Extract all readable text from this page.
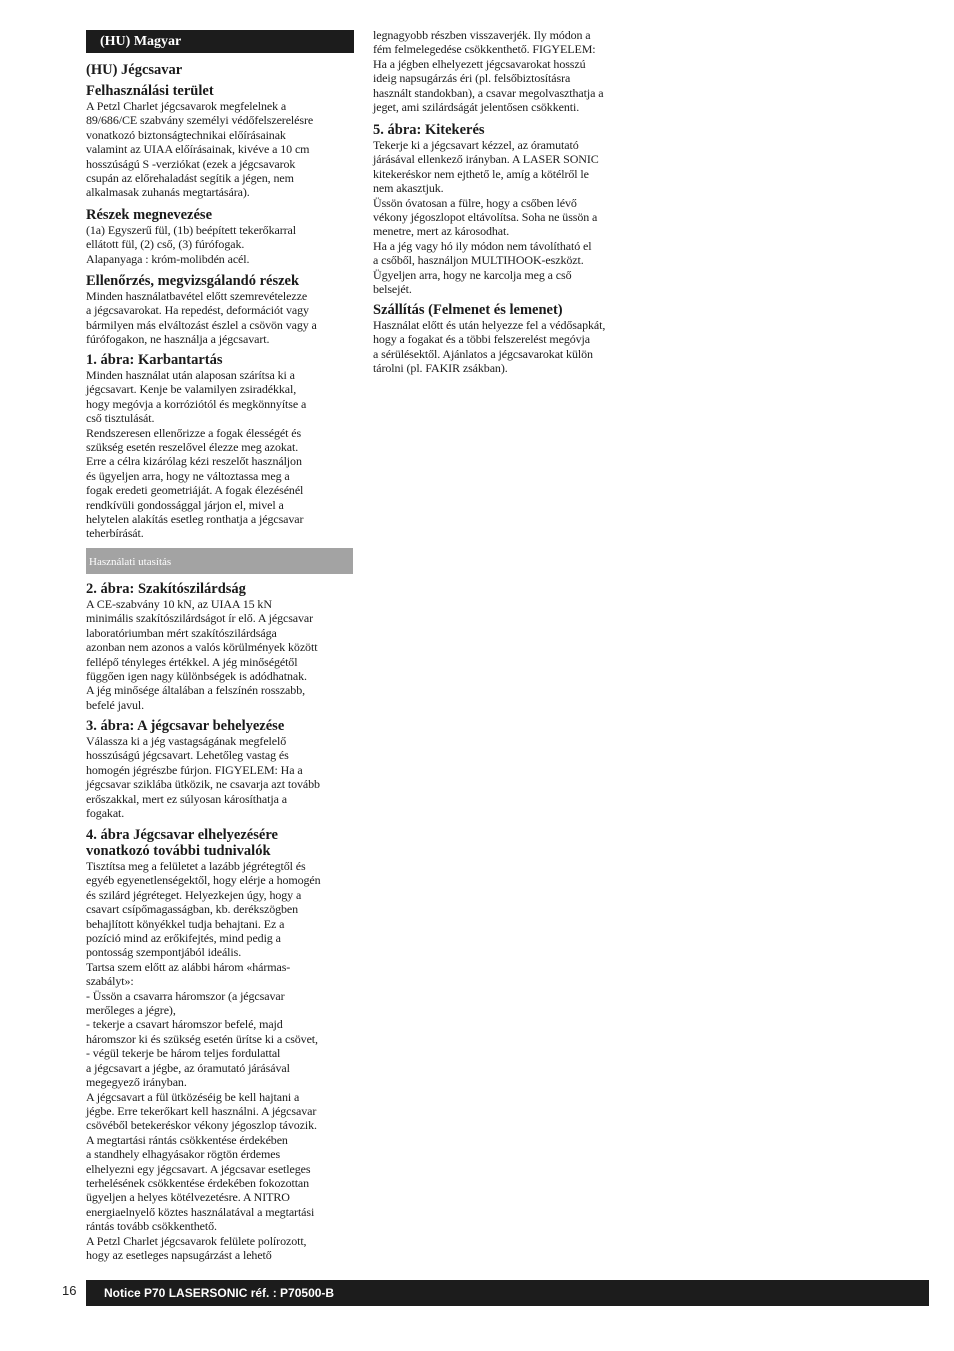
(HU) Magyar

(HU) Jégcsavar

Felhasználási terület

A Petzl Charlet jégcsavarok megfelelnek a
89/686/CE szabvány személyi védőfelszerelésre
vonatkozó biztonságtechnikai előírásainak
valamint az UIAA előírásainak, kivéve a 10 cm
hosszúságú S -verziókat (ezek a jégcsavarok
csupán az előrehaladást segítik a jégen, nem
alkalmasak zuhanás megtartására).

Részek megnevezése

(1a) Egyszerű fül, (1b) beépített tekerőkarral
ellátott fül, (2) cső, (3) fúrófogak.
Alapanyaga : króm-molibdén acél.

Ellenőrzés, megvizsgálandó részek

Minden használatbavétel előtt szemrevételezze
a jégcsavarokat. Ha repedést, deformációt vagy
bármilyen más elváltozást észlel a csövön vagy a
fúrófogakon, ne használja a jégcsavart.

1. ábra: Karbantartás

Minden használat után alaposan szárítsa ki a
jégcsavart. Kenje be valamilyen zsiradékkal,
hogy megóvja a korróziótól és megkönnyítse a
cső tisztulását.
Rendszeresen ellenőrizze a fogak élességét és
szükség esetén reszelővel élezze meg azokat.
Erre a célra kizárólag kézi reszelőt használjon
és ügyeljen arra, hogy ne változtassa meg a
fogak eredeti geometriáját. A fogak élezésénél
rendkívüli gondossággal járjon el, mivel a
helytelen alakítás esetleg ronthatja a jégcsavar
teherbírását.

Használati utasítás

2. ábra: Szakítószilárdság

A CE-szabvány 10 kN, az UIAA 15 kN
minimális szakítószilárdságot ír elő. A jégcsavar
laboratóriumban mért szakítószilárdsága
azonban nem azonos a valós körülmények között
fellépő tényleges értékkel. A jég minőségétől
függően igen nagy különbségek is adódhatnak.
A jég minősége általában a felszínén rosszabb,
befelé javul.

3. ábra: A jégcsavar behelyezése

Válassza ki a jég vastagságának megfelelő
hosszúságú jégcsavart. Lehetőleg vastag és
homogén jégrészbe fúrjon. FIGYELEM: Ha a
jégcsavar sziklába ütközik, ne csavarja azt tovább
erőszakkal, mert ez súlyosan károsíthatja a
fogakat.

4. ábra Jégcsavar elhelyezésére
vonatkozó további tudnivalók

Tisztítsa meg a felületet a lazább jégrétegtől és
egyéb egyenetlenségektől, hogy elérje a homogén
és szilárd jégréteget. Helyezkejen úgy, hogy a
csavart csípőmagasságban, kb. derékszögben
behajlított könyékkel tudja behajtani. Ez a
pozíció mind az erőkifejtés, mind pedig a
pontosság szempontjából ideális.
Tartsa szem előtt az alábbi három «hármas-
szabályt»:
- Üssön a csavarra háromszor (a jégcsavar
merőleges a jégre),
- tekerje a csavart háromszor befelé, majd
háromszor ki és szükség esetén ürítse ki a csövet,
- végül tekerje be három teljes fordulattal
a jégcsavart a jégbe, az óramutató járásával
megegyező irányban.
A jégcsavart a fül ütközéséig be kell hajtani a
jégbe. Erre tekerőkart kell használni. A jégcsavar
csövéből betekeréskor vékony jégoszlop távozik.
A megtartási rántás csökkentése érdekében
a standhely elhagyásakor rögtön érdemes
elhelyezni egy jégcsavart. A jégcsavar esetleges
terhelésének csökkentése érdekében fokozottan
ügyeljen a helyes kötélvezetésre. A NITRO
energiaelnyelő köztes használatával a megtartási
rántás tovább csökkenthető.
A Petzl Charlet jégcsavarok felülete polírozott,
hogy az esetleges napsugárzást a lehető

legnagyobb részben visszaverjék. Ily módon a
fém felmelegedése csökkenthető. FIGYELEM:
Ha a jégben elhelyezett jégcsavarokat hosszú
ideig napsugárzás éri (pl. felsőbiztosításra
használt standokban), a csavar megolvaszthatja a
jeget, ami szilárdságát jelentősen csökkenti.

5. ábra: Kitekerés

Tekerje ki a jégcsavart kézzel, az óramutató
járásával ellenkező irányban. A LASER SONIC
kitekeréskor nem ejthető le, amíg a kötélről le
nem akasztjuk.
Üssön óvatosan a fülre, hogy a csőben lévő
vékony jégoszlopot eltávolítsa. Soha ne üssön a
menetre, mert az károsodhat.
Ha a jég vagy hó ily módon nem távolítható el
a csőből, használjon MULTIHOOK-eszközt.
Ügyeljen arra, hogy ne karcolja meg a cső
belsejét.

Szállítás (Felmenet és lemenet)

Használat előtt és után helyezze fel a védősapkát,
hogy a fogakat és a többi felszerelést megóvja
a sérülésektől. Ajánlatos a jégcsavarokat külön
tárolni (pl. FAKIR zsákban).

16	Notice P70 LASERSONIC réf. : P70500-B
